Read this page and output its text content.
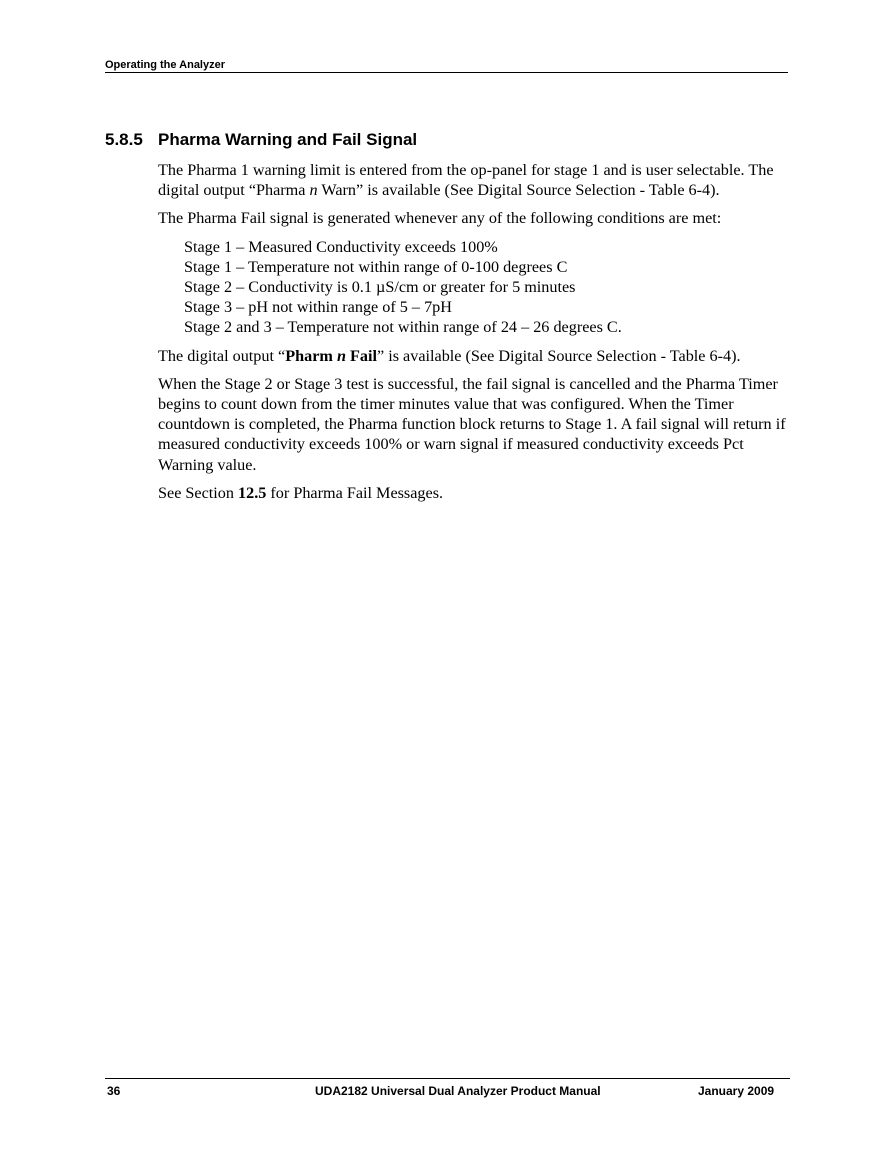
Operating the Analyzer
5.8.5 Pharma Warning and Fail Signal

The Pharma 1 warning limit is entered from the op-panel for stage 1 and is user selectable. The digital output “Pharma n Warn” is available (See Digital Source Selection - Table 6-4).

The Pharma Fail signal is generated whenever any of the following conditions are met:

Stage 1 – Measured Conductivity exceeds 100%
Stage 1 – Temperature not within range of 0-100 degrees C
Stage 2 – Conductivity is 0.1 µS/cm or greater for 5 minutes
Stage 3 – pH not within range of 5 – 7pH
Stage 2 and 3 – Temperature not within range of 24 – 26 degrees C.

The digital output “Pharm n Fail” is available (See Digital Source Selection - Table 6-4).

When the Stage 2 or Stage 3 test is successful, the fail signal is cancelled and the Pharma Timer begins to count down from the timer minutes value that was configured. When the Timer countdown is completed, the Pharma function block returns to Stage 1. A fail signal will return if measured conductivity exceeds 100% or warn signal if measured conductivity exceeds Pct Warning value.

See Section 12.5 for Pharma Fail Messages.

36	UDA2182 Universal Dual Analyzer Product Manual	January 2009
